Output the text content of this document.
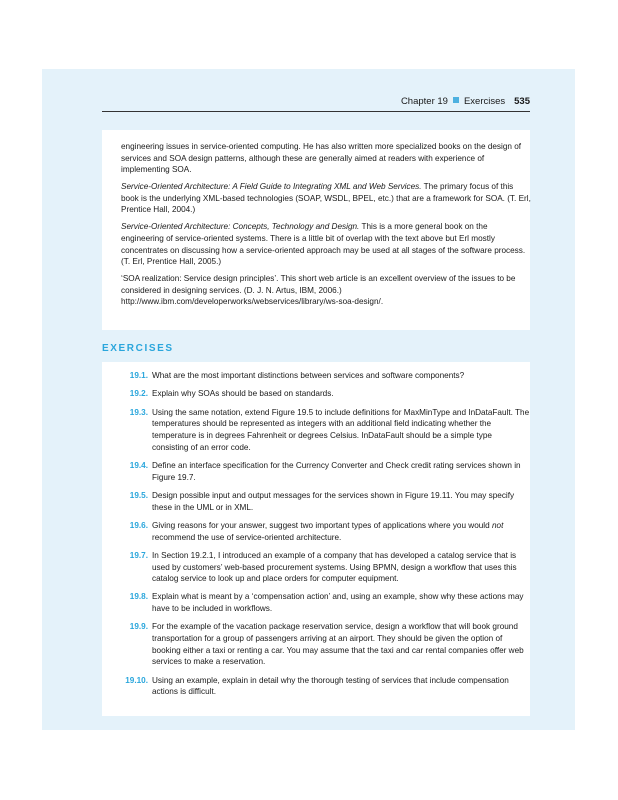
Chapter 19 Exercises 535

engineering issues in service-oriented computing. He has also written more specialized books on the design of services and SOA design patterns, although these are generally aimed at readers with experience of implementing SOA.

Service-Oriented Architecture: A Field Guide to Integrating XML and Web Services. The primary focus of this book is the underlying XML-based technologies (SOAP, WSDL, BPEL, etc.) that are a framework for SOA. (T. Erl, Prentice Hall, 2004.)

Service-Oriented Architecture: Concepts, Technology and Design. This is a more general book on the engineering of service-oriented systems. There is a little bit of overlap with the text above but Erl mostly concentrates on discussing how a service-oriented approach may be used at all stages of the software process. (T. Erl, Prentice Hall, 2005.)

‘SOA realization: Service design principles’. This short web article is an excellent overview of the issues to be considered in designing services. (D. J. N. Artus, IBM, 2006.) http://www.ibm.com/developerworks/webservices/library/ws-soa-design/.

EXERCISES
19.1. What are the most important distinctions between services and software components?
19.2. Explain why SOAs should be based on standards.
19.3. Using the same notation, extend Figure 19.5 to include definitions for MaxMinType and InDataFault. The temperatures should be represented as integers with an additional field indicating whether the temperature is in degrees Fahrenheit or degrees Celsius. InDataFault should be a simple type consisting of an error code.
19.4. Define an interface specification for the Currency Converter and Check credit rating services shown in Figure 19.7.
19.5. Design possible input and output messages for the services shown in Figure 19.11. You may specify these in the UML or in XML.
19.6. Giving reasons for your answer, suggest two important types of applications where you would not recommend the use of service-oriented architecture.
19.7. In Section 19.2.1, I introduced an example of a company that has developed a catalog service that is used by customers’ web-based procurement systems. Using BPMN, design a workflow that uses this catalog service to look up and place orders for computer equipment.
19.8. Explain what is meant by a ‘compensation action’ and, using an example, show why these actions may have to be included in workflows.
19.9. For the example of the vacation package reservation service, design a workflow that will book ground transportation for a group of passengers arriving at an airport. They should be given the option of booking either a taxi or renting a car. You may assume that the taxi and car rental companies offer web services to make a reservation.
19.10. Using an example, explain in detail why the thorough testing of services that include compensation actions is difficult.
